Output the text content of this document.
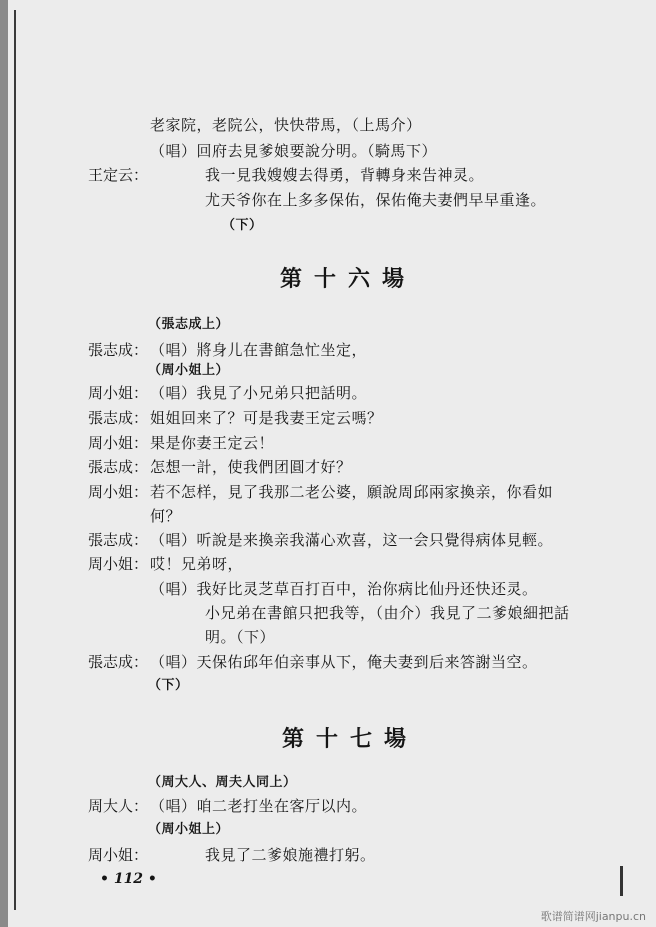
老家院，老院公，快快带馬，（上馬介）
（唱）回府去見爹娘要說分明。（騎馬下）
王定云：	我一見我嫂嫂去得勇，背轉身来告神灵。
尤天爷你在上多多保佑，保佑俺夫妻們早早重逢。
（下）
第十六場
（張志成上）
張志成： （唱）將身儿在書館急忙坐定，
（周小姐上）
周小姐： （唱）我見了小兄弟只把話明。
張志成： 姐姐回来了？可是我妻王定云嗎？
周小姐： 果是你妻王定云！
張志成： 怎想一計，使我們团圓才好？
周小姐： 若不怎样，見了我那二老公婆，願說周邱兩家換亲，你看如
何？
張志成： （唱）听說是来換亲我滿心欢喜，这一会只覺得病体見輕。
周小姐： 哎！兄弟呀，
（唱）我好比灵芝草百打百中，治你病比仙丹还快还灵。
小兄弟在書館只把我等，（由介）我見了二爹娘細把話
明。（下）
張志成： （唱）天保佑邱年伯亲事从下，俺夫妻到后来答謝当空。
（下）
第十七場
（周大人、周夫人同上）
周大人： （唱）咱二老打坐在客厅以内。
（周小姐上）
周小姐：	我見了二爹娘施禮打躬。
• 112 •
歌谱简谱网jianpu.cn
